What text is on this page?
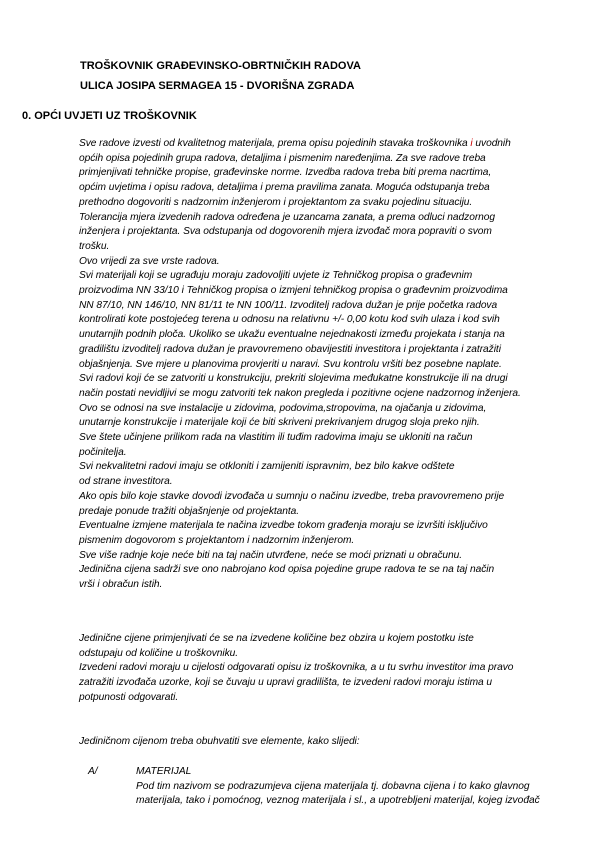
TROŠKOVNIK GRAĐEVINSKO-OBRTNIČKIH RADOVA
ULICA JOSIPA SERMAGEA 15 - DVORIŠNA ZGRADA
0. OPĆI UVJETI UZ TROŠKOVNIK

Sve radove izvesti od kvalitetnog materijala, prema opisu pojedinih stavaka troškovnika i uvodnih

općih opisa pojedinih grupa radova, detaljima i pismenim naređenjima. Za sve radove treba

primjenjivati tehničke propise, građevinske norme. Izvedba radova treba biti prema nacrtima,

općim uvjetima i opisu radova, detaljima i prema pravilima zanata. Moguća odstupanja treba

prethodno dogovoriti s nadzornim inženjerom i projektantom za svaku pojedinu situaciju.

Tolerancija mjera izvedenih radova određena je uzancama zanata, a prema odluci nadzornog

inženjera i projektanta. Sva odstupanja od dogovorenih mjera izvođač mora popraviti o svom

trošku.

Ovo vrijedi za sve vrste radova.

Svi materijali koji se ugrađuju moraju zadovoljiti uvjete iz Tehničkog propisa o građevnim

proizvodima NN 33/10 i Tehničkog propisa o izmjeni tehničkog propisa o građevnim proizvodima

NN 87/10, NN 146/10, NN 81/11 te NN 100/11. Izvoditelj radova dužan je prije početka radova

kontrolirati kote postojećeg terena u odnosu na relativnu +/- 0,00 kotu kod svih ulaza i kod svih

unutarnjih podnih ploča. Ukoliko se ukažu eventualne nejednakosti između projekata i stanja na

gradilištu izvoditelj radova dužan je pravovremeno obavijestiti investitora i projektanta i zatražiti

objašnjenja. Sve mjere u planovima provjeriti u naravi. Svu kontrolu vršiti bez posebne naplate.

Svi radovi koji će se zatvoriti u konstrukciju, prekriti slojevima međukatne konstrukcije ili na drugi

način postati nevidljivi se mogu zatvoriti tek nakon pregleda i pozitivne ocjene nadzornog inženjera.

Ovo se odnosi na sve instalacije u zidovima, podovima,stropovima, na ojačanja u zidovima,

unutarnje konstrukcije i materijale koji će biti skriveni prekrivanjem drugog sloja preko njih.

Sve štete učinjene prilikom rada na vlastitim ili tuđim radovima imaju se ukloniti na račun

počinitelja.

Svi nekvalitetni radovi imaju se otkloniti i zamijeniti ispravnim, bez bilo kakve odštete

od strane investitora.

Ako opis bilo koje stavke dovodi izvođača u sumnju o načinu izvedbe, treba pravovremeno prije

predaje ponude tražiti objašnjenje od projektanta.

Eventualne izmjene materijala te načina izvedbe tokom građenja moraju se izvršiti isključivo

pismenim dogovorom s projektantom i nadzornim inženjerom.

Sve više radnje koje neće biti na taj način utvrđene, neće se moći priznati u obračunu.

Jedinična cijena sadrži sve ono nabrojano kod opisa pojedine grupe radova te se na taj način

vrši i obračun istih.

Jedinične cijene primjenjivati će se na izvedene količine bez obzira u kojem postotku iste

odstupaju od količine u troškovniku.

Izvedeni radovi moraju u cijelosti odgovarati opisu iz troškovnika, a u tu svrhu investitor ima pravo

zatražiti izvođača uzorke, koji se čuvaju u upravi gradilišta, te izvedeni radovi moraju istima u

potpunosti odgovarati.

Jediničnom cijenom treba obuhvatiti sve elemente, kako slijedi:

A/	MATERIJAL

Pod tim nazivom se podrazumjeva cijena materijala tj. dobavna cijena i to kako glavnog

materijala, tako i pomoćnog, veznog materijala i sl., a upotrebljeni materijal, kojeg izvođač
